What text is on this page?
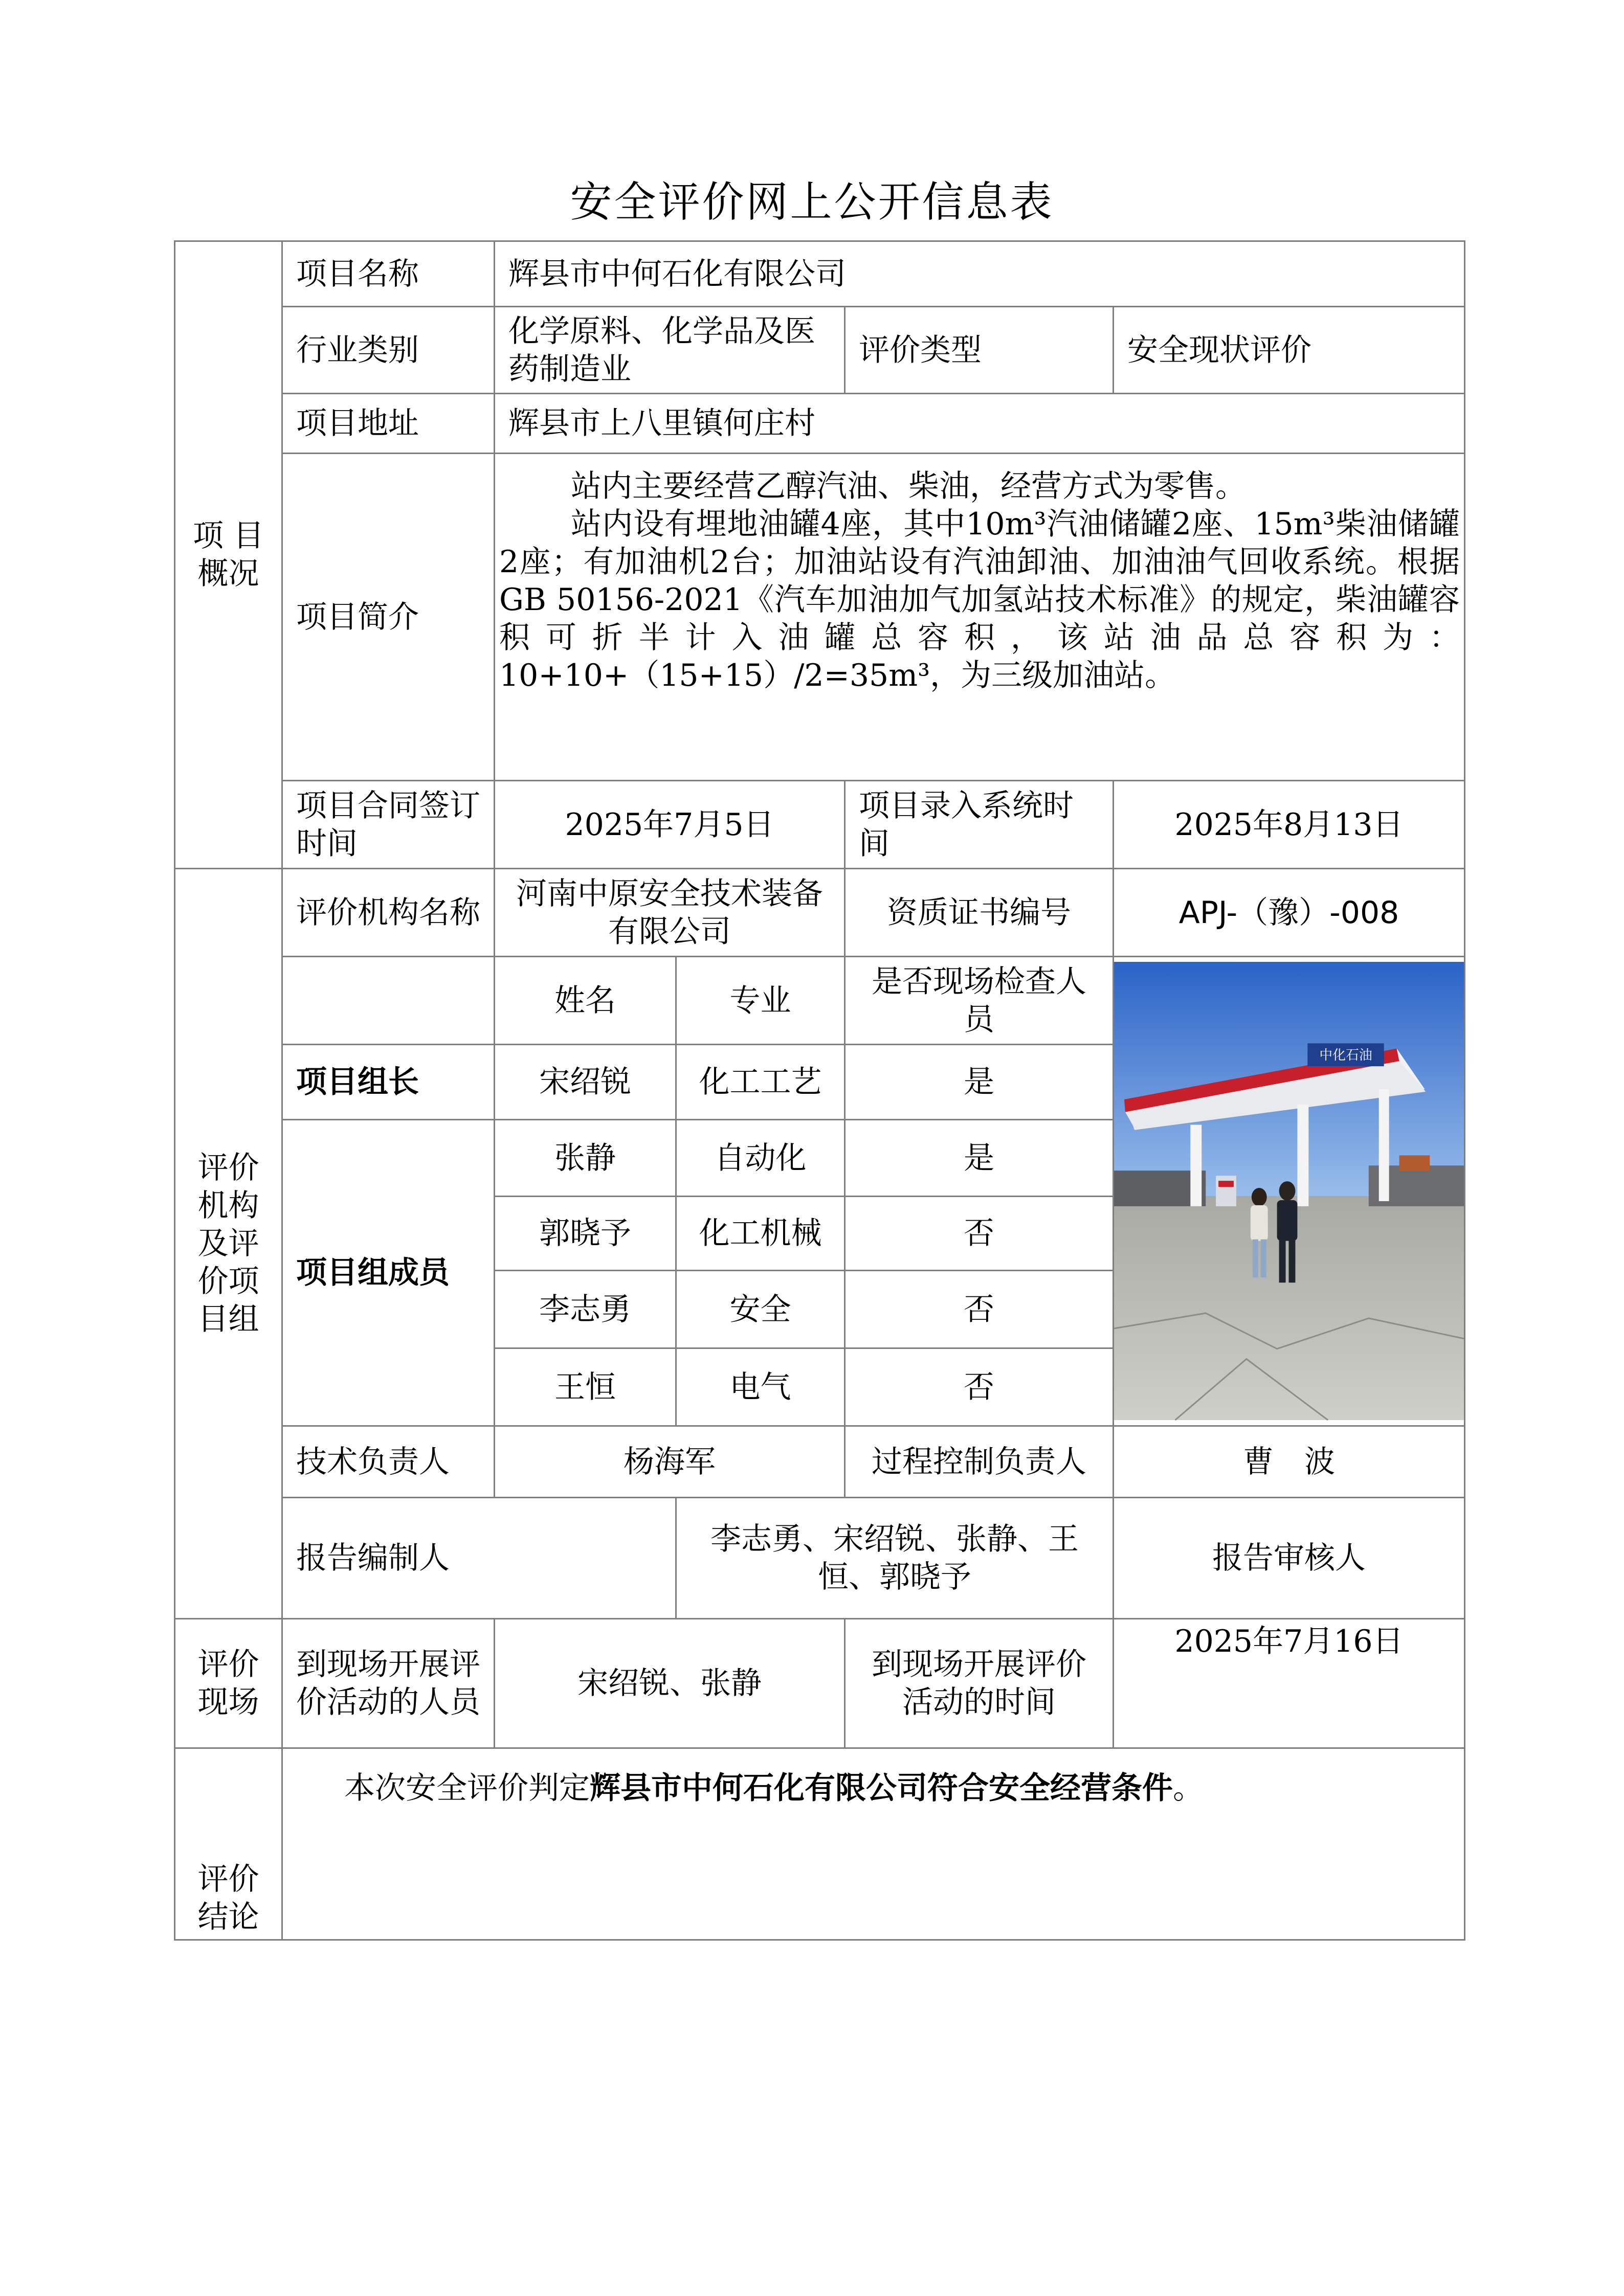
安全评价网上公开信息表
项 目 概况	项目名称	辉县市中何石化有限公司				
	行业类别	化学原料、化学品及医药制造业		评价类型	安全现状评价	
	项目地址	辉县市上八里镇何庄村				
	项目简介	站内主要经营乙醇汽油、柴油，经营方式为零售。

站内设有埋地油罐4座，其中10m³汽油储罐2座、15m³柴油储罐2座；有加油机2台；加油站设有汽油卸油、加油油气回收系统。根据GB 50156-2021《汽车加油加气加氢站技术标准》的规定，柴油罐容积可折半计入油罐总容积，该站油品总容积为：10+10+（15+15）/2=35m³，为三级加油站。				

	项目合同签订时间	2025年7月5日		项目录入系统时间	2025年8月13日	
评价机构及评价项目组	评价机构名称	河南中原安全技术装备有限公司		资质证书编号	APJ-（豫）-008	
		姓名	专业	是否现场检查人员	中化石油	

	项目组长	宋绍锐	化工工艺	是		
	项目组成员	张静	自动化	是		
		郭晓予	化工机械	否		
		李志勇	安全	否		
		王恒	电气	否		
	技术负责人	杨海军		过程控制负责人	曹　波	
	报告编制人		李志勇、宋绍锐、张静、王恒、郭晓予		报告审核人	
评价现场	到现场开展评价活动的人员	宋绍锐、张静		到现场开展评价活动的时间	2025年7月16日	
评价结论	本次安全评价判定辉县市中何石化有限公司符合安全经营条件。					
